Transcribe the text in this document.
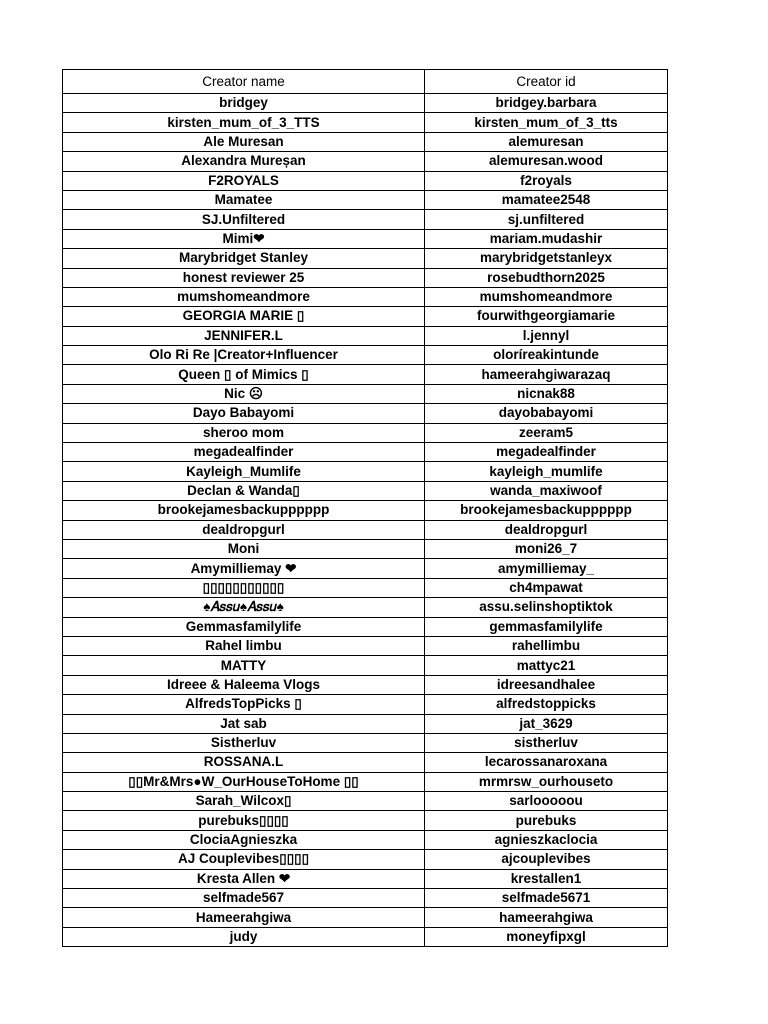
Creator name	Creator id
bridgey	bridgey.barbara
kirsten_mum_of_3_TTS	kirsten_mum_of_3_tts
Ale Muresan	alemuresan
Alexandra Mureșan	alemuresan.wood
F2ROYALS	f2royals
Mamatee	mamatee2548
SJ.Unfiltered	sj.unfiltered
Mimi❤	mariam.mudashir
Marybridget Stanley	marybridgetstanleyx
honest reviewer 25	rosebudthorn2025
mumshomeandmore	mumshomeandmore
GEORGIA MARIE ▯	fourwithgeorgiamarie
JENNIFER.L	l.jennyl
Olo Ri Re |Creator+Influencer	oloríreakintunde
Queen ▯ of Mimics ▯	hameerahgiwarazaq
Nic ☹	nicnak88
Dayo Babayomi	dayobabayomi
sheroo mom	zeeram5
megadealfinder	megadealfinder
Kayleigh_Mumlife	kayleigh_mumlife
Declan & Wanda▯	wanda_maxiwoof
brookejamesbackupppppp	brookejamesbackupppppp
dealdropgurl	dealdropgurl
Moni	moni26_7
Amymilliemay ❤	amymilliemay_
▯▯▯▯▯▯▯▯▯▯▯	ch4mpawat
♠𝐴𝑠𝑠𝑢♠𝐴𝑠𝑠𝑢♠	assu.selinshoptiktok
Gemmasfamilylife	gemmasfamilylife
Rahel limbu	rahellimbu
MATTY	mattyc21
Idreee & Haleema Vlogs	idreesandhalee
AlfredsTopPicks ▯	alfredstoppicks
Jat sab	jat_3629
Sistherluv	sistherluv
ROSSANA.L	lecarossanaroxana
▯▯Mr&Mrs●W_OurHouseToHome ▯▯	mrmrsw_ourhouseto
Sarah_Wilcox▯	sarlooooou
purebuks▯▯▯▯	purebuks
ClociaAgnieszka	agnieszkaclocia
AJ Couplevibes▯▯▯▯	ajcouplevibes
Kresta Allen ❤	krestallen1
selfmade567	selfmade5671
Hameerahgiwa	hameerahgiwa
judy	moneyfipxgl
